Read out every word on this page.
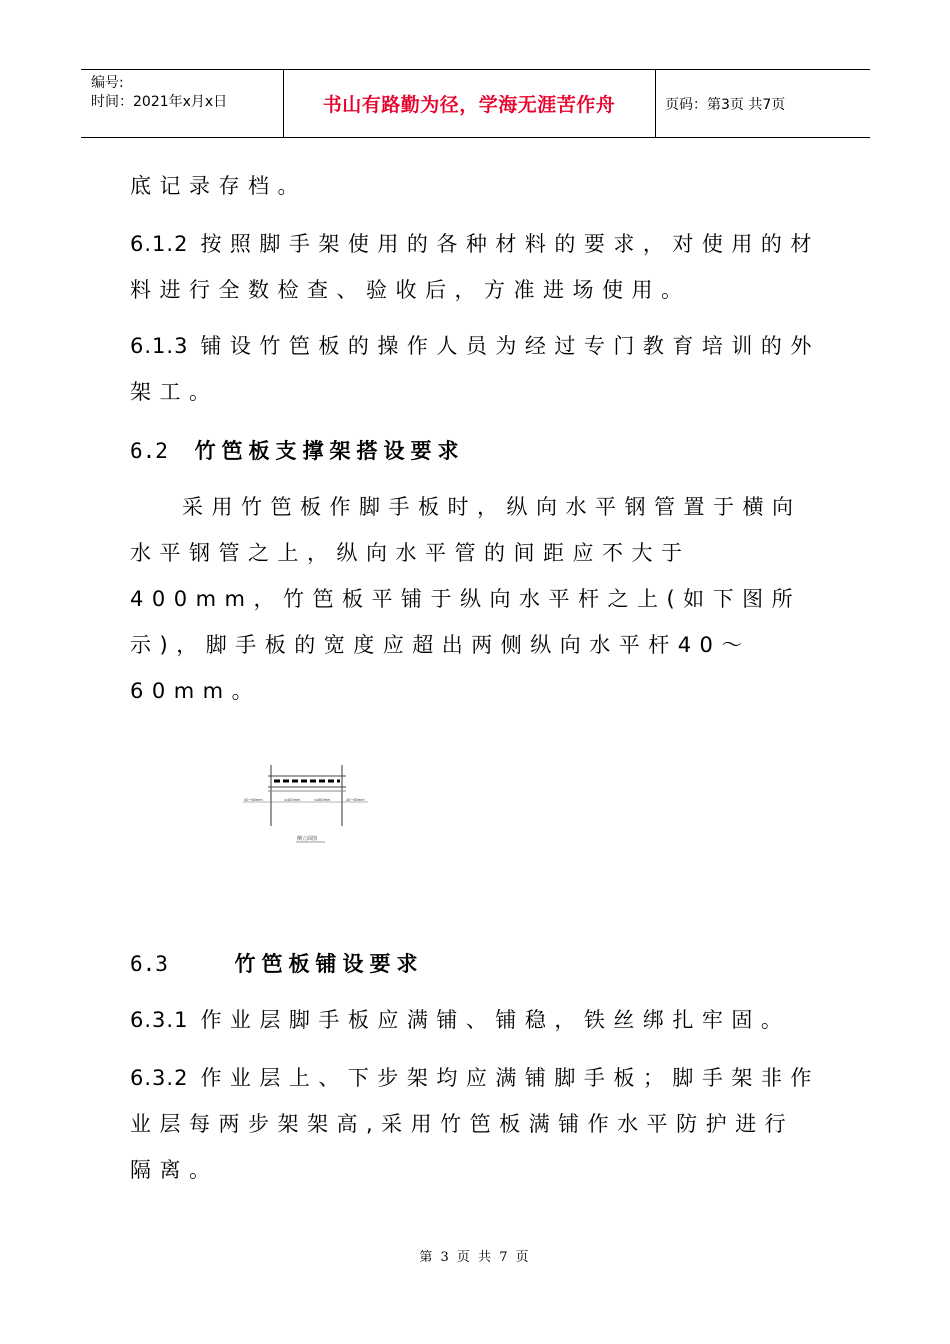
编号:
时间：2021年x月x日	书山有路勤为径，学海无涯苦作舟	页码：第3页 共7页

底记录存档。

6.1.2 按照脚手架使用的各种材料的要求，对使用的材料进行全数检查、验收后，方准进场使用。

6.1.3 铺设竹笆板的操作人员为经过专门教育培训的外架工。

6.2 竹笆板支撑架搭设要求

采用竹笆板作脚手板时，纵向水平钢管置于横向水平钢管之上，纵向水平管的间距应不大于400mm，竹笆板平铺于纵向水平杆之上(如下图所示)，脚手板的宽度应超出两侧纵向水平杆40～60mm。

40~60mm	≤400mm	≤400mm	40~60mm
侧立面图
6.3	竹笆板铺设要求

6.3.1 作业层脚手板应满铺、铺稳，铁丝绑扎牢固。

6.3.2 作业层上、下步架均应满铺脚手板；脚手架非作业层每两步架架高,采用竹笆板满铺作水平防护进行隔离。

第 3 页 共 7 页
